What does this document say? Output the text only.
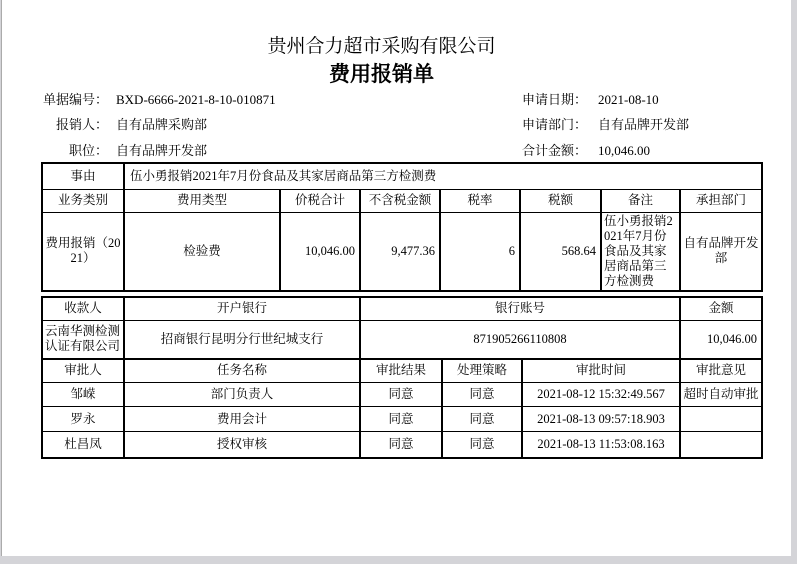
贵州合力超市采购有限公司
费用报销单
单据编号： BXD-6666-2021-8-10-010871
报销人： 自有品牌采购部
职位： 自有品牌开发部
申请日期： 2021-08-10
申请部门： 自有品牌开发部
合计金额： 10,046.00
事由	伍小勇报销2021年7月份食品及其家居商品第三方检测费						
业务类别	费用类型	价税合计	不含税金额	税率	税额	备注	承担部门
费用报销（2021）	检验费	10,046.00	9,477.36	6	568.64	伍小勇报销2021年7月份食品及其家居商品第三方检测费	自有品牌开发部
收款人	开户银行	银行账号	金额
云南华测检测认证有限公司	招商银行昆明分行世纪城支行	871905266110808	10,046.00
审批人	任务名称	审批结果	处理策略	审批时间	审批意见
邹嵘	部门负责人	同意	同意	2021-08-12 15:32:49.567	超时自动审批
罗永	费用会计	同意	同意	2021-08-13 09:57:18.903	
杜昌凤	授权审核	同意	同意	2021-08-13 11:53:08.163	
